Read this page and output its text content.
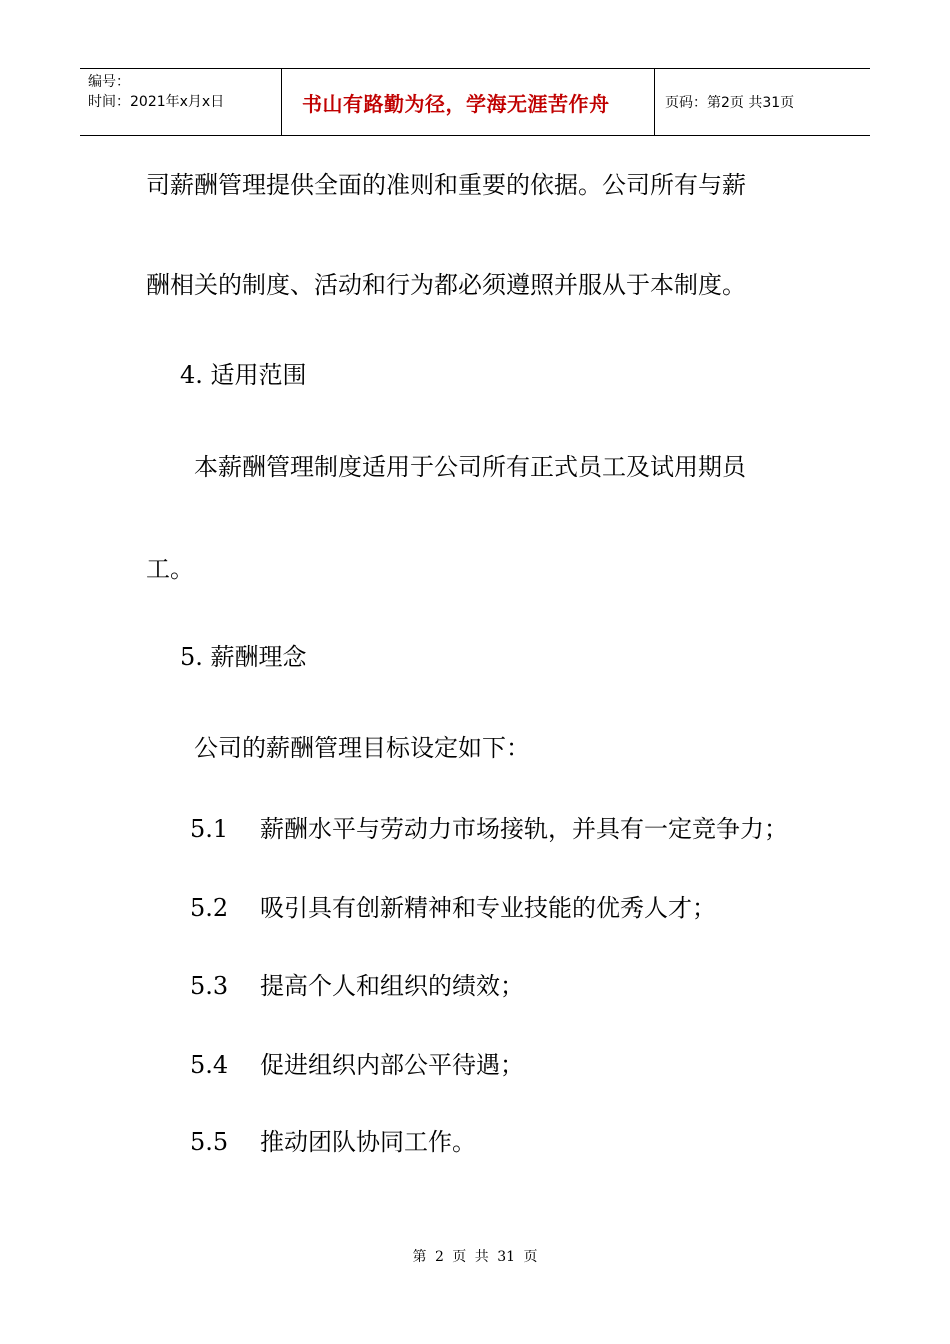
编号：
时间：2021年x月x日	书山有路勤为径，学海无涯苦作舟	页码：第2页 共31页
司薪酬管理提供全面的准则和重要的依据。公司所有与薪
酬相关的制度、活动和行为都必须遵照并服从于本制度。
4. 适用范围
本薪酬管理制度适用于公司所有正式员工及试用期员
工。
5. 薪酬理念
公司的薪酬管理目标设定如下：
5.1 薪酬水平与劳动力市场接轨，并具有一定竞争力；
5.2 吸引具有创新精神和专业技能的优秀人才；
5.3 提高个人和组织的绩效；
5.4 促进组织内部公平待遇；
5.5 推动团队协同工作。
第 2 页 共 31 页
